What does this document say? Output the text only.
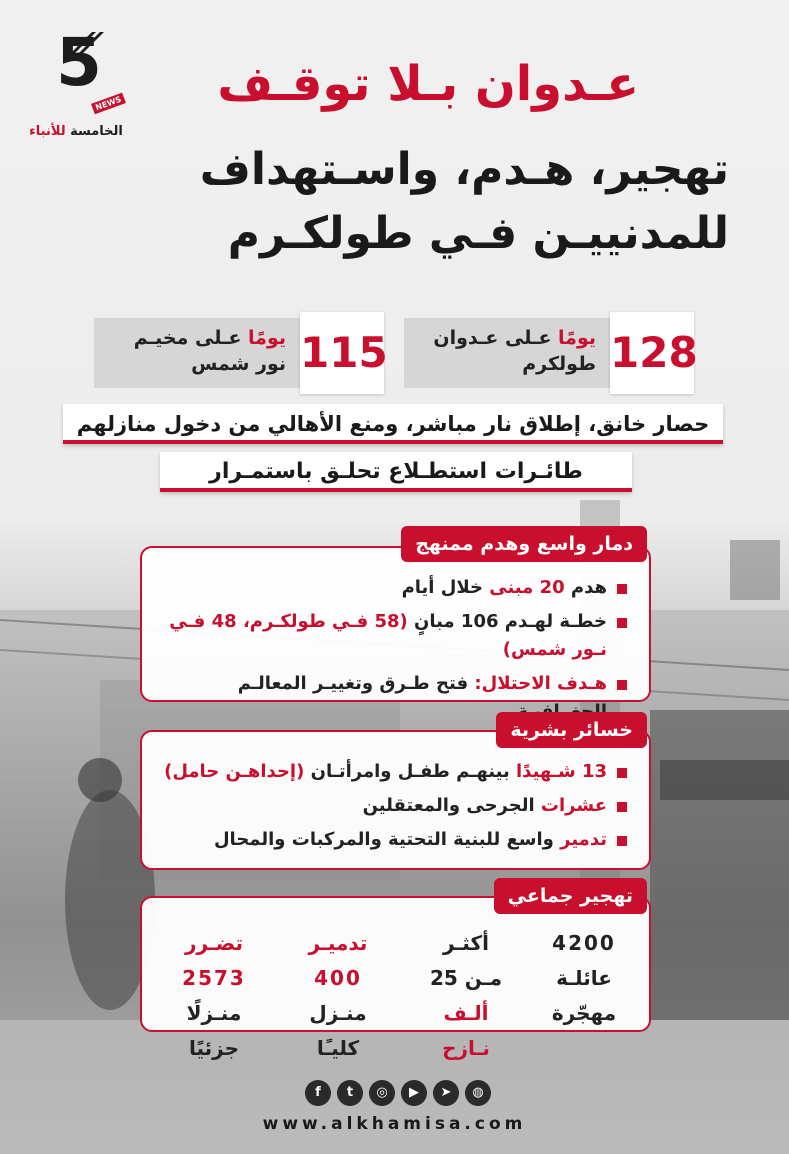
5
NEWS
الخامسة للأنباء
عـدوان بـلا توقـف
تهجير، هـدم، واسـتهداف
للمدنييـن فـي طولكـرم
128
يومًا عـلى عـدوان
طولكرم
115
يومًا عـلى مخيـم
نور شمس
حصار خانق، إطلاق نار مباشر، ومنع الأهالي من دخول منازلهم
طائـرات استطـلاع تحلـق باستمـرار
هدم 20 مبنى خلال أيام
خطـة لهـدم 106 مبانٍ (58 فـي طولكـرم، 48 فـي نـور شمس)
هـدف الاحتلال: فتح طـرق وتغييـر المعالـم
دمار واسع وهدم ممنهج
13 شـهيدًا بينهـم طفـل وامرأتـان (إحداهـن حامل)
عشرات الجرحى والمعتقلين
تدمير واسع للبنية التحتية والمركبات والمحال
خسائر بشرية
4200
عائلـة
مهجّرة
أكثـر
مـن 25
ألـف
نـازح
تدميـر
400
منـزل
كليـًا
تضـرر
2573
منـزلًا
جزئيًا
تهجير جماعي
f	t	◎	▶	➤	◍
www.alkhamisa.com
